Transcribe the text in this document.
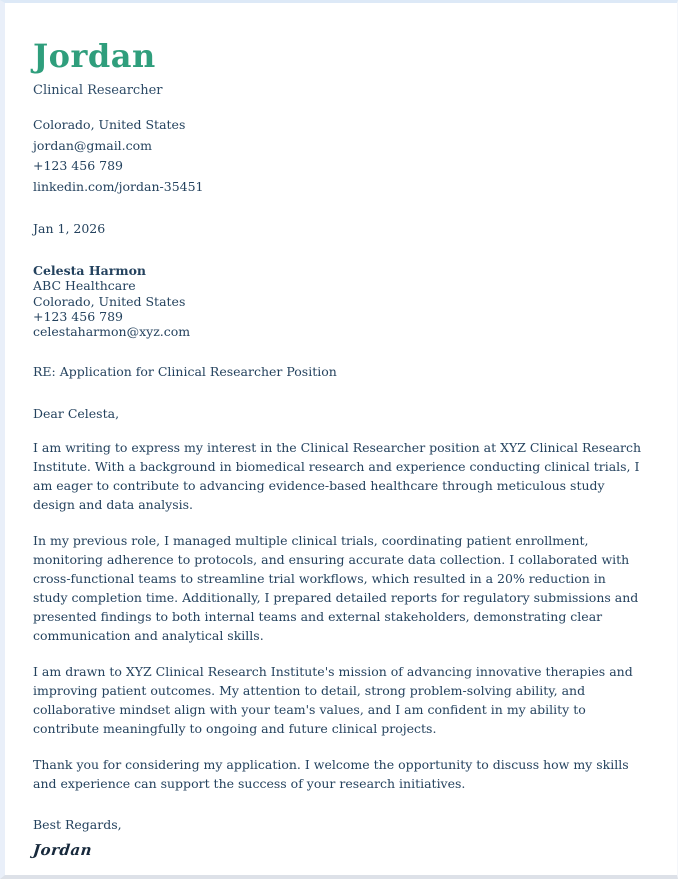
Jordan
Clinical Researcher
Colorado, United States
jordan@gmail.com
+123 456 789
linkedin.com/jordan-35451
Jan 1, 2026
Celesta Harmon
ABC Healthcare
Colorado, United States
+123 456 789
celestaharmon@xyz.com
RE: Application for Clinical Researcher Position
Dear Celesta,
I am writing to express my interest in the Clinical Researcher position at XYZ Clinical Research Institute. With a background in biomedical research and experience conducting clinical trials, I am eager to contribute to advancing evidence-based healthcare through meticulous study design and data analysis.
In my previous role, I managed multiple clinical trials, coordinating patient enrollment, monitoring adherence to protocols, and ensuring accurate data collection. I collaborated with cross-functional teams to streamline trial workflows, which resulted in a 20% reduction in study completion time. Additionally, I prepared detailed reports for regulatory submissions and presented findings to both internal teams and external stakeholders, demonstrating clear communication and analytical skills.
I am drawn to XYZ Clinical Research Institute's mission of advancing innovative therapies and improving patient outcomes. My attention to detail, strong problem-solving ability, and collaborative mindset align with your team's values, and I am confident in my ability to contribute meaningfully to ongoing and future clinical projects.
Thank you for considering my application. I welcome the opportunity to discuss how my skills and experience can support the success of your research initiatives.
Best Regards,
Jordan
